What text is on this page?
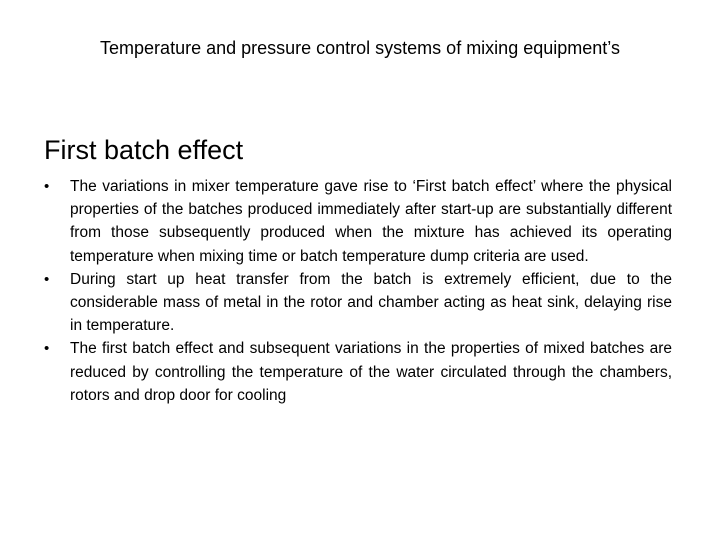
Temperature and pressure control systems of mixing equipment’s
First batch effect
•	The variations in mixer temperature gave rise to ‘First batch effect’ where the physical properties of the batches produced immediately after start-up are substantially different from those subsequently produced when the mixture has achieved its operating temperature when mixing time or batch temperature dump criteria are used.
•	During start up heat transfer from the batch is extremely efficient, due to the considerable mass of metal in the rotor and chamber acting as heat sink, delaying rise in temperature.
•	The first batch effect and subsequent variations in the properties of mixed batches are reduced by controlling the temperature of the water circulated through the chambers, rotors and drop door for cooling
